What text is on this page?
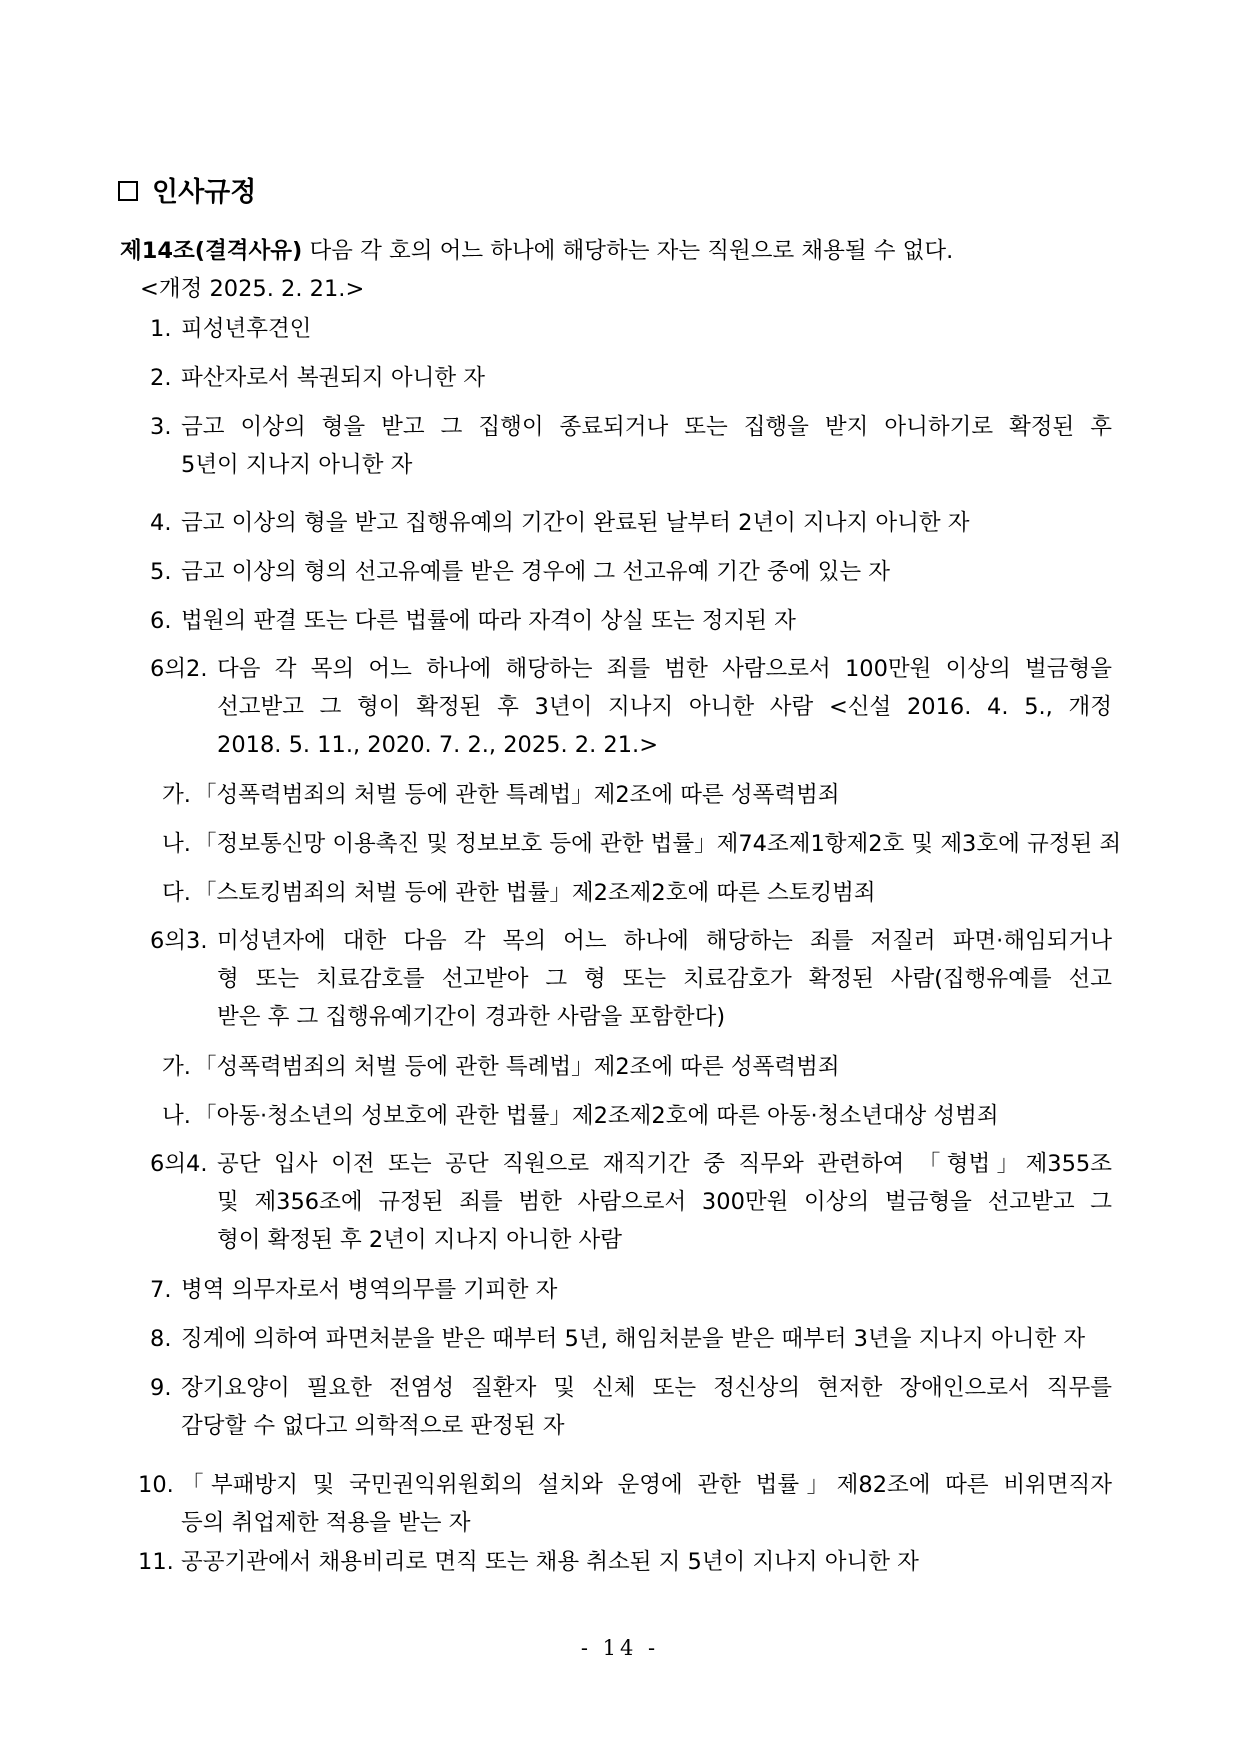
인사규정
제14조(결격사유) 다음 각 호의 어느 하나에 해당하는 자는 직원으로 채용될 수 없다.
<개정 2025. 2. 21.>
1. 피성년후견인
2. 파산자로서 복권되지 아니한 자
3. 금고 이상의 형을 받고 그 집행이 종료되거나 또는 집행을 받지 아니하기로 확정된 후
5년이 지나지 아니한 자
4. 금고 이상의 형을 받고 집행유예의 기간이 완료된 날부터 2년이 지나지 아니한 자
5. 금고 이상의 형의 선고유예를 받은 경우에 그 선고유예 기간 중에 있는 자
6. 법원의 판결 또는 다른 법률에 따라 자격이 상실 또는 정지된 자
6의2. 다음 각 목의 어느 하나에 해당하는 죄를 범한 사람으로서 100만원 이상의 벌금형을
선고받고 그 형이 확정된 후 3년이 지나지 아니한 사람 <신설 2016. 4. 5., 개정
2018. 5. 11., 2020. 7. 2., 2025. 2. 21.>
가. 「성폭력범죄의 처벌 등에 관한 특례법」제2조에 따른 성폭력범죄
나. 「정보통신망 이용촉진 및 정보보호 등에 관한 법률」제74조제1항제2호 및 제3호에 규정된 죄
다. 「스토킹범죄의 처벌 등에 관한 법률」제2조제2호에 따른 스토킹범죄
6의3. 미성년자에 대한 다음 각 목의 어느 하나에 해당하는 죄를 저질러 파면·해임되거나
형 또는 치료감호를 선고받아 그 형 또는 치료감호가 확정된 사람(집행유예를 선고
받은 후 그 집행유예기간이 경과한 사람을 포함한다)
가. 「성폭력범죄의 처벌 등에 관한 특례법」제2조에 따른 성폭력범죄
나. 「아동·청소년의 성보호에 관한 법률」제2조제2호에 따른 아동·청소년대상 성범죄
6의4. 공단 입사 이전 또는 공단 직원으로 재직기간 중 직무와 관련하여 「형법」제355조
및 제356조에 규정된 죄를 범한 사람으로서 300만원 이상의 벌금형을 선고받고 그
형이 확정된 후 2년이 지나지 아니한 사람
7. 병역 의무자로서 병역의무를 기피한 자
8. 징계에 의하여 파면처분을 받은 때부터 5년, 해임처분을 받은 때부터 3년을 지나지 아니한 자
9. 장기요양이 필요한 전염성 질환자 및 신체 또는 정신상의 현저한 장애인으로서 직무를
감당할 수 없다고 의학적으로 판정된 자
10. 「부패방지 및 국민권익위원회의 설치와 운영에 관한 법률」제82조에 따른 비위면직자
등의 취업제한 적용을 받는 자
11. 공공기관에서 채용비리로 면직 또는 채용 취소된 지 5년이 지나지 아니한 자
- 14 -
